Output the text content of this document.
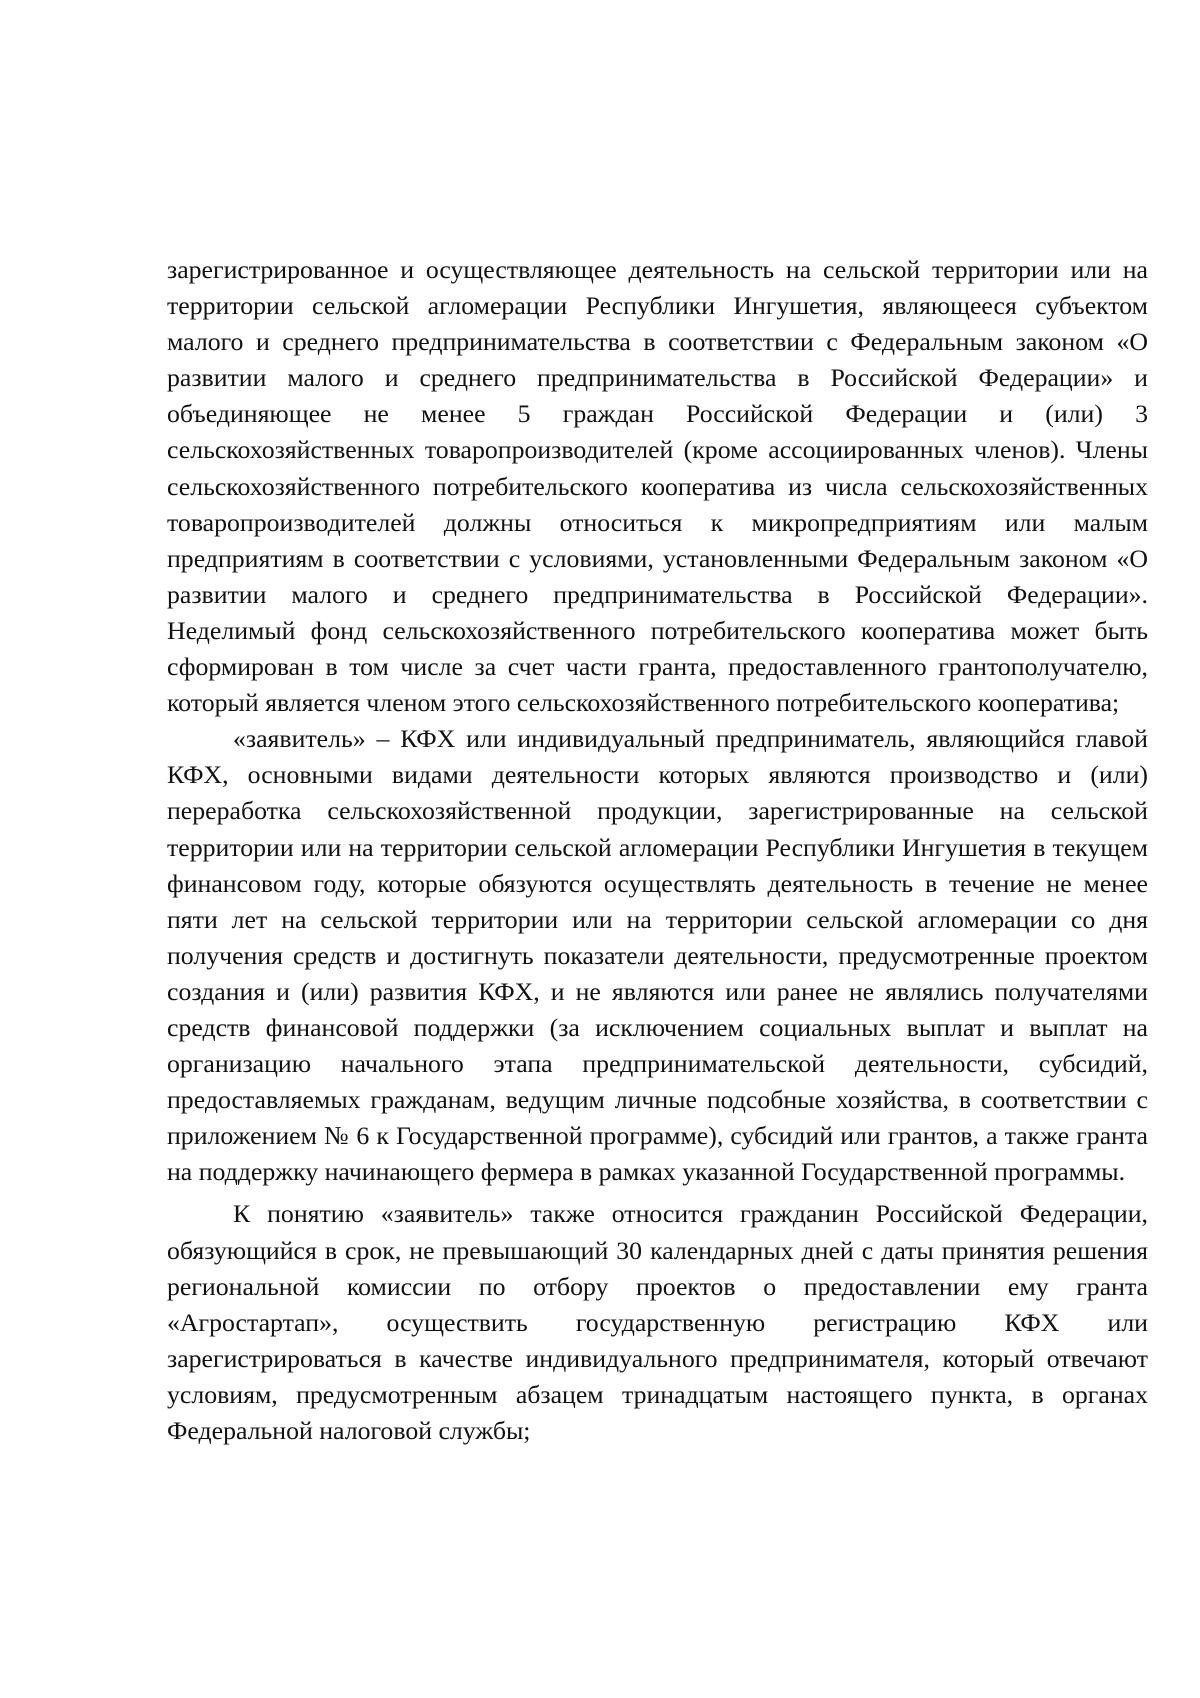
зарегистрированное и осуществляющее деятельность на сельской территории или на территории сельской агломерации Республики Ингушетия, являющееся субъектом малого и среднего предпринимательства в соответствии с Федеральным законом «О развитии малого и среднего предпринимательства в Российской Федерации» и объединяющее не менее 5 граждан Российской Федерации и (или) 3 сельскохозяйственных товаропроизводителей (кроме ассоциированных членов). Члены сельскохозяйственного потребительского кооператива из числа сельскохозяйственных товаропроизводителей должны относиться к микропредприятиям или малым предприятиям в соответствии с условиями, установленными Федеральным законом «О развитии малого и среднего предпринимательства в Российской Федерации». Неделимый фонд сельскохозяйственного потребительского кооператива может быть сформирован в том числе за счет части гранта, предоставленного грантополучателю, который является членом этого сельскохозяйственного потребительского кооператива;

«заявитель» – КФХ или индивидуальный предприниматель, являющийся главой КФХ, основными видами деятельности которых являются производство и (или) переработка сельскохозяйственной продукции, зарегистрированные на сельской территории или на территории сельской агломерации Республики Ингушетия в текущем финансовом году, которые обязуются осуществлять деятельность в течение не менее пяти лет на сельской территории или на территории сельской агломерации со дня получения средств и достигнуть показатели деятельности, предусмотренные проектом создания и (или) развития КФХ, и не являются или ранее не являлись получателями средств финансовой поддержки (за исключением социальных выплат и выплат на организацию начального этапа предпринимательской деятельности, субсидий, предоставляемых гражданам, ведущим личные подсобные хозяйства, в соответствии с приложением № 6 к Государственной программе), субсидий или грантов, а также гранта на поддержку начинающего фермера в рамках указанной Государственной программы.

К понятию «заявитель» также относится гражданин Российской Федерации, обязующийся в срок, не превышающий 30 календарных дней с даты принятия решения региональной комиссии по отбору проектов о предоставлении ему гранта «Агростартап», осуществить государственную регистрацию КФХ или зарегистрироваться в качестве индивидуального предпринимателя, который отвечают условиям, предусмотренным абзацем тринадцатым настоящего пункта, в органах Федеральной налоговой службы;
